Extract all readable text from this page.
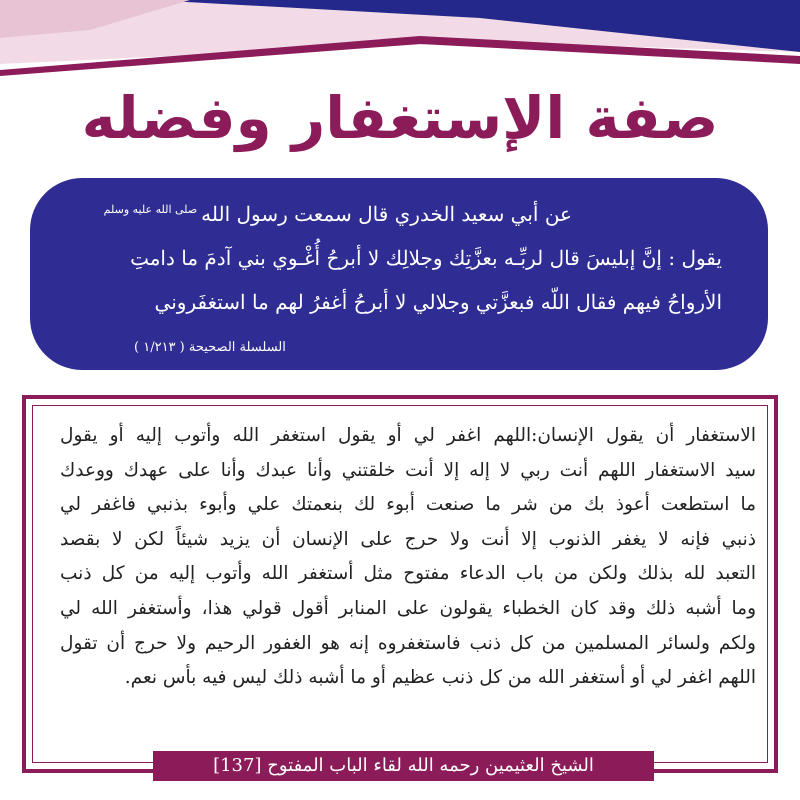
صفة الإستغفار وفضله
عن أبي سعيد الخدري قال سمعت رسول اللهصلى الله عليه وسلم
يقول : إنَّ إبليسَ قال لربِّـه بعزَّتِك وجلالِك لا أبرحُ أُغْـوي بني آدمَ ما دامتِ
الأرواحُ فيهم فقال اللّه فبعزَّتي وجلالي لا أبرحُ أغفرُ لهم ما استغفَروني
السلسلة الصحيحة ( ١/٢١٣ )
الاستغفار أن يقول الإنسان:اللهم اغفر لي أو يقول استغفر الله وأتوب إليه أو يقول
سيد الاستغفار اللهم أنت ربي لا إله إلا أنت خلقتني وأنا عبدك وأنا على عهدك ووعدك
ما استطعت أعوذ بك من شر ما صنعت أبوء لك بنعمتك علي وأبوء بذنبي فاغفر لي
ذنبي فإنه لا يغفر الذنوب إلا أنت ولا حرج على الإنسان أن يزيد شيئاً لكن لا بقصد
التعبد لله بذلك ولكن من باب الدعاء مفتوح مثل أستغفر الله وأتوب إليه من كل ذنب
وما أشبه ذلك وقد كان الخطباء يقولون على المنابر أقول قولي هذا، وأستغفر الله لي
ولكم ولسائر المسلمين من كل ذنب فاستغفروه إنه هو الغفور الرحيم ولا حرج أن تقول
اللهم اغفر لي أو أستغفر الله من كل ذنب عظيم أو ما أشبه ذلك ليس فيه بأس نعم.
الشيخ العثيمين رحمه الله لقاء الباب المفتوح [137]
